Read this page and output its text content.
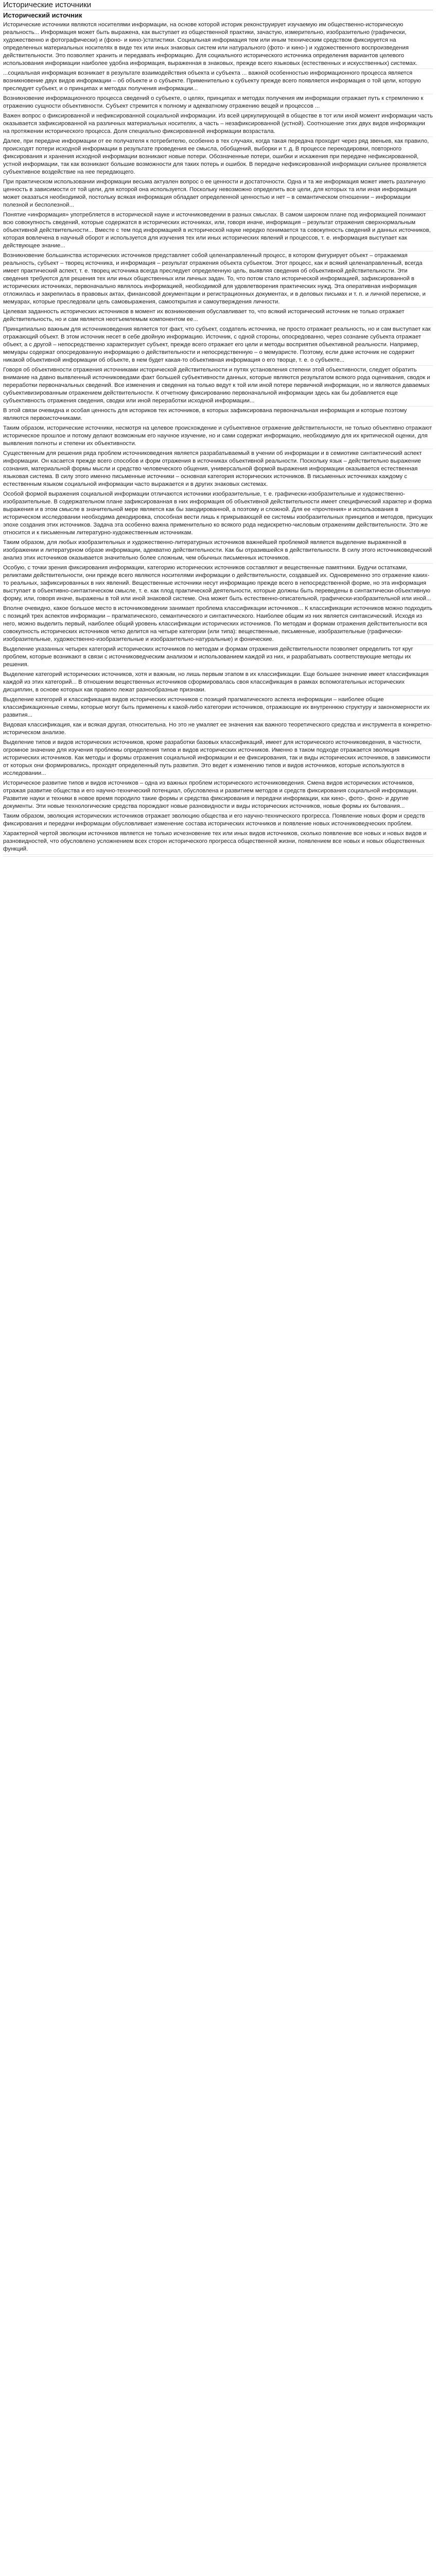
Исторические источники
Исторический источник

Исторические источники являются носителями информации, на основе которой историк реконструирует изучаемую им общественно-историческую реальность... Информация может быть выражена, как выступает из общественной практики, зачастую, измерительно, изобразительно (графически, художественно и фотографически) и (фоно- и кино-)статистики. Социальная информация тем или иным техническим средством фиксируется на определенных материальных носителях в виде тех или иных знаковых систем или натурального (фото- и кино-) и художественного воспроизведения действительности. Это позволяет хранить и передавать информацию. Для социального исторического источника определения вариантов целевого использования информации наиболее удобна информация, выраженная в знаковых, прежде всего языковых (естественных и искусственных) системах.

...социальная информация возникает в результате взаимодействия объекта и субъекта ... важной особенностью информационного процесса является возникновение двух видов информации – об объекте и о субъекте. Применительно к субъекту прежде всего появляется информация о той цели, которую преследует субъект, и о принципах и методах получения информации...

Возникновение информационного процесса сведений о субъекте, о целях, принципах и методах получения им информации отражает путь к стремлению к отражению сущности объективности. Субъект стремится к полному и адекватному отражению вещей и процессов ...

Важен вопрос о фиксированной и нефиксированной социальной информации. Из всей циркулирующей в обществе в тот или иной момент информации часть оказывается зафиксированной на различных материальных носителях, а часть – незафиксированной (устной). Соотношение этих двух видов информации на протяжении исторического процесса. Доля специально фиксированной информации возрастала.

Далее, при передаче информации от ее получателя к потребителю, особенно в тех случаях, когда такая передача проходит через ряд звеньев, как правило, происходят потери исходной информации в результате проведения ее смысла, обобщений, выборки и т. д. В процессе перекодировки, повторного фиксирования и хранения исходной информации возникают новые потери. Обозначенные потери, ошибки и искажения при передаче нефиксированной, устной информации, так как возникают большие возможности для таких потерь и ошибок. В передаче нефиксированной информации сильнее проявляется субъективное воздействие на нее передающего.

При практическом использовании информации весьма актуален вопрос о ее ценности и достаточности. Одна и та же информация может иметь различную ценность в зависимости от той цели, для которой она используется. Поскольку невозможно определить все цели, для которых та или иная информация может оказаться необходимой, постольку всякая информация обладает определенной ценностью и нет – в семантическом отношении – информации полезной и бесполезной...

Понятие «информация» употребляется в исторической науке и источниковедении в разных смыслах. В самом широком плане под информацией понимают всю совокупность сведений, которые содержатся в исторических источниках, или, говоря иначе, информация – результат отражения сверхнормальным объективной действительности... Вместе с тем под информацией в исторической науке нередко понимается та совокупность сведений и данных источников, которая вовлечена в научный оборот и используется для изучения тех или иных исторических явлений и процессов, т. е. информация выступает как действующее знание...

Возникновение большинства исторических источников представляет собой целенаправленный процесс, в котором фигурирует объект – отражаемая реальность, субъект – творец источника, и информация – результат отражения объекта субъектом. Этот процесс, как и всякий целенаправленный, всегда имеет практический аспект, т. е. творец источника всегда преследует определенную цель, выявляя сведения об объективной действительности. Эти сведения требуются для решения тех или иных общественных или личных задач. То, что потом стало исторической информацией, зафиксированной в исторических источниках, первоначально являлось информацией, необходимой для удовлетворения практических нужд. Эта оперативная информация отложилась и закрепилась в правовых актах, финансовой документации и регистрационных документах, и в деловых письмах и т. п. и личной переписке, и мемуарах, которые преследовали цель самовыражения, самооткрытия и самоутверждения личности.

Целевая заданность исторических источников в момент их возникновения обуславливает то, что всякий исторический источник не только отражает действительность, но и сам является неотъемлемым компонентом ее...

Принципиально важным для источниковедения является тот факт, что субъект, создатель источника, не просто отражает реальность, но и сам выступает как отражающий объект. В этом источник несет в себе двойную информацию. Источник, с одной стороны, опосредованно, через сознание субъекта отражает объект, а с другой – непосредственно характеризует субъект, прежде всего отражает его цели и методы восприятия объективной реальности. Например, мемуары содержат опосредованную информацию о действительности и непосредственную – о мемуаристе. Поэтому, если даже источник не содержит никакой объективной информации об объекте, в нем будет какая-то объективная информация о его творце, т. е. о субъекте...

Говоря об объективности отражения источниками исторической действительности и путях установления степени этой объективности, следует обратить внимание на давно выявленный источниковедами факт большей субъективности данных, которые являются результатом всякого рода оценивания, сводок и переработки первоначальных сведений. Все изменения и сведения на только ведут к той или иной потере первичной информации, но и являются даваемых субъективизированным отражением действительности. К отчетному фиксированию первоначальной информации здесь как бы добавляется еще субъективность отражения сведения, сводки или иной переработки исходной информации...

В этой связи очевидна и особая ценность для историков тех источников, в которых зафиксирована первоначальная информация и которые поэтому являются первоисточниками.

Таким образом, исторические источники, несмотря на целевое происхождение и субъективное отражение действительности, не только объективно отражают историческое прошлое и потому делают возможным его научное изучение, но и сами содержат информацию, необходимую для их критической оценки, для выявления полноты и степени их объективности.

Существенным для решения ряда проблем источниковедения является разрабатываемый в учении об информации и в семиотике синтактический аспект информации. Он касается прежде всего способов и форм отражения в источниках объективной реальности. Поскольку язык – действительно выражение сознания, материальной формы мысли и средство человеческого общения, универсальной формой выражения информации оказывается естественная языковая система. В силу этого именно письменные источники – основная категория исторических источников. В письменных источниках каждому с естественным языком социальной информации часто выражается и в других знаковых системах.

Особой формой выражения социальной информации отличаются источники изобразительные, т. е. графически-изобразительные и художественно-изобразительные. В содержательном плане зафиксированная в них информация об объективной действительности имеет специфический характер и форма выражения и в этом смысле в значительной мере является как бы закодированной, а поэтому и сложной. Для ее «прочтения» и использования в историческом исследовании необходима декодировка, способная вести лишь к прикрывающей ее системы изобразительных принципов и методов, присущих эпохе создания этих источников. Задача эта особенно важна применительно ко всякого рода недискретно-числовым отражениям действительности. Это же относится и к письменным литературно-художественным источникам.

Таким образом, для любых изобразительных и художественно-литературных источников важнейшей проблемой является выделение выраженной в изображении и литературном образе информации, адекватно действительности. Как бы отразившейся в действительности. В силу этого источниковедческий анализ этих источников оказывается значительно более сложным, чем обычных письменных источников.

Особую, с точки зрения фиксирования информации, категорию исторических источников составляют и вещественные памятники. Будучи остатками, реликтами действительности, они прежде всего являются носителями информации о действительности, создавшей их. Одновременно это отражение каких-то реальных, зафиксированных в них явлений. Вещественные источники несут информацию прежде всего в непосредственной форме, но эта информация выступает в объективно-синтактическом смысле, т. е. как плод практической деятельности, которые должны быть переведены в синтактически-объективную форму, или, говоря иначе, выражены в той или иной знаковой системе. Она может быть естественно-описательной, графически-изобразительной или иной...

Вполне очевидно, какое большое место в источниковедении занимает проблема классификации источников... К классификации источников можно подходить с позиций трех аспектов информации – прагматического, семантического и синтактического. Наиболее общим из них является синтаксический. Исходя из него, можно выделить первый, наиболее общий уровень классификации исторических источников. По методам и формам отражения действительности вся совокупность исторических источников четко делится на четыре категории (или типа): вещественные, письменные, изобразительные (графически-изобразительные, художественно-изобразительные и изобразительно-натуральные) и фонические.

Выделение указанных четырех категорий исторических источников по методам и формам отражения действительности позволяет определить тот круг проблем, которые возникают в связи с источниковедческим анализом и использованием каждой из них, и разрабатывать соответствующие методы их решения.

Выделение категорий исторических источников, хотя и важным, но лишь первым этапом в их классификации. Еще большее значение имеет классификация каждой из этих категорий... В отношении вещественных источников сформировалась своя классификация в рамках вспомогательных исторических дисциплин, в основе которых как правило лежат разнообразные признаки.

Выделение категорий и классификация видов исторических источников с позиций прагматического аспекта информации – наиболее общие классификационные схемы, которые могут быть применены к какой-либо категории источников, отражающие их внутреннюю структуру и закономерности их развития...

Видовая классификация, как и всякая другая, относительна. Но это не умаляет ее значения как важного теоретического средства и инструмента в конкретно-историческом анализе.

Выделение типов и видов исторических источников, кроме разработки базовых классификаций, имеет для исторического источниковедения, в частности, огромное значение для изучения проблемы определения типов и видов исторических источников. Именно в таком подходе отражается эволюция исторических источников. Как методы и формы отражения социальной информации и ее фиксирования, так и виды исторических источников, в зависимости от которых они формировались, проходят определенный путь развития. Это ведет к изменению типов и видов источников, которые используются в исследовании...

Историческое развитие типов и видов источников – одна из важных проблем исторического источниковедения. Смена видов исторических источников, отражая развитие общества и его научно-технический потенциал, обусловлена и развитием методов и средств фиксирования социальной информации. Развитие науки и техники в новое время породило такие формы и средства фиксирования и передачи информации, как кино-, фото-, фоно- и другие документы. Эти новые технологические средства порождают новые разновидности и виды исторических источников, новые формы их бытования...

Таким образом, эволюция исторических источников отражает эволюцию общества и его научно-технического прогресса. Появление новых форм и средств фиксирования и передачи информации обусловливает изменение состава исторических источников и появление новых источниковедческих проблем.

Характерной чертой эволюции источников является не только исчезновение тех или иных видов источников, сколько появление все новых и новых видов и разновидностей, что обусловлено усложнением всех сторон исторического прогресса общественной жизни, появлением все новых и новых общественных функций.
